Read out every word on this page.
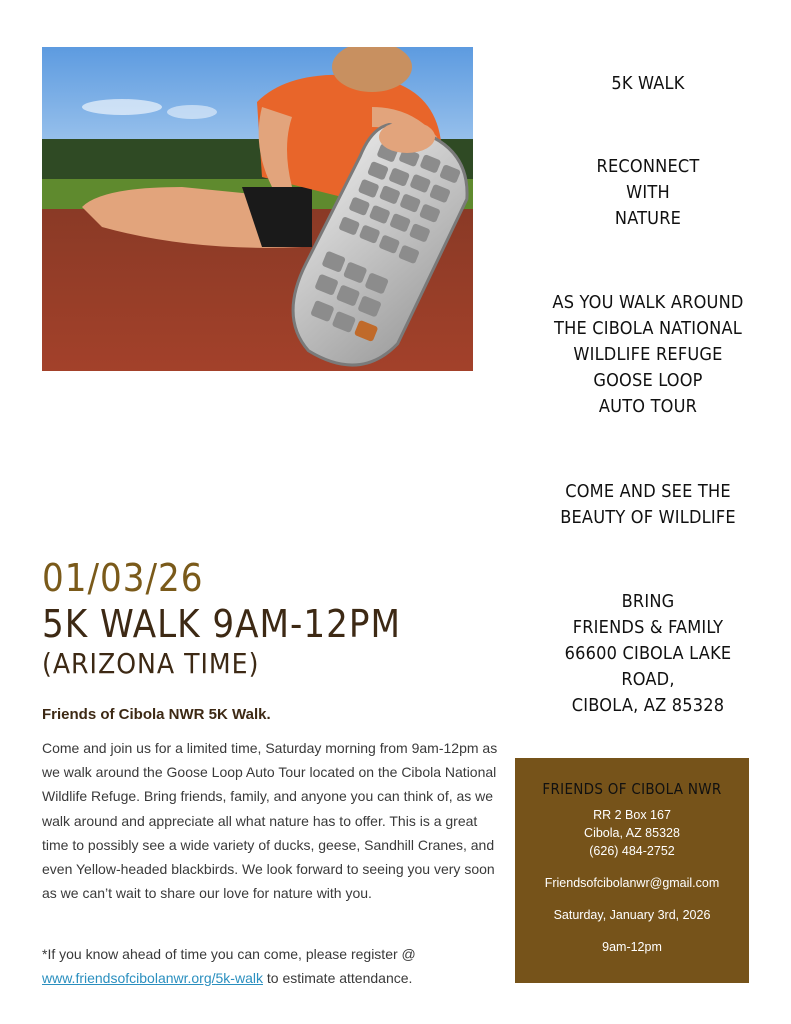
5K WALK
RECONNECT
WITH
NATURE
AS YOU WALK AROUND
THE CIBOLA NATIONAL
WILDLIFE REFUGE
GOOSE LOOP
AUTO TOUR
COME AND SEE THE
BEAUTY OF WILDLIFE
BRING
FRIENDS & FAMILY
66600 CIBOLA LAKE
ROAD,
CIBOLA, AZ 85328
01/03/26
5K WALK 9AM-12PM
(ARIZONA TIME)
Friends of Cibola NWR 5K Walk.
Come and join us for a limited time, Saturday morning from 9am-12pm as we walk around the Goose Loop Auto Tour located on the Cibola National Wildlife Refuge. Bring friends, family, and anyone you can think of, as we walk around and appreciate all what nature has to offer. This is a great time to possibly see a wide variety of ducks, geese, Sandhill Cranes, and even Yellow-headed blackbirds. We look forward to seeing you very soon as we can’t wait to share our love for nature with you.
*If you know ahead of time you can come, please register @
www.friendsofcibolanwr.org/5k-walk to estimate attendance.
FRIENDS OF CIBOLA NWR
RR 2 Box 167
Cibola, AZ 85328
(626) 484-2752
Friendsofcibolanwr@gmail.com
Saturday, January 3rd, 2026
9am-12pm
